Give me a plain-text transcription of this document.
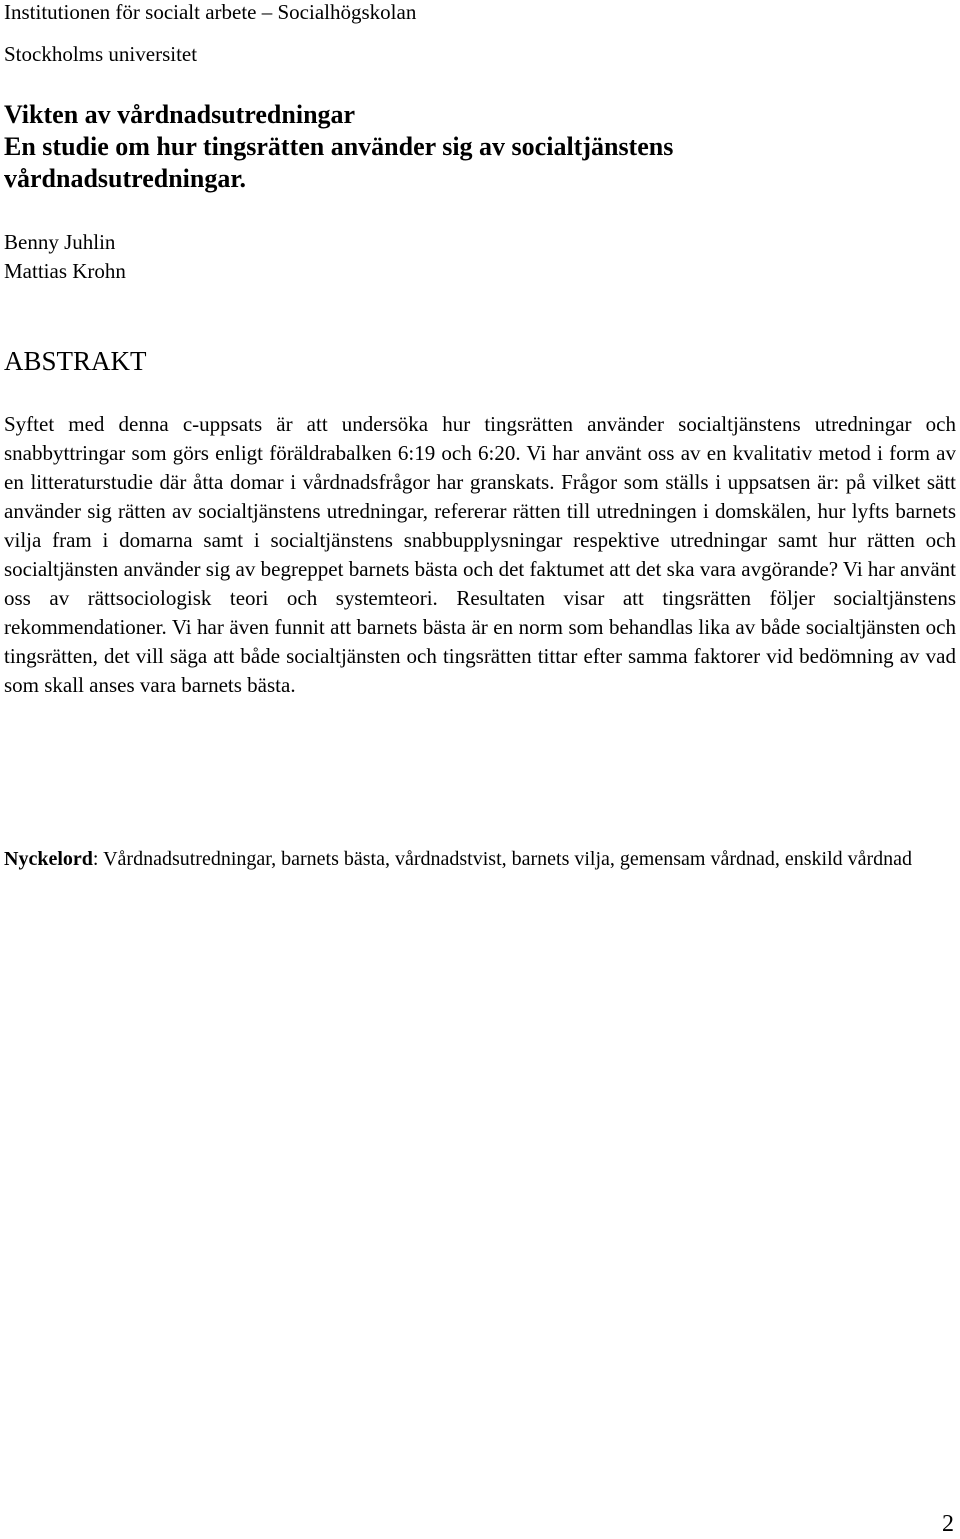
Institutionen för socialt arbete – Socialhögskolan

Stockholms universitet

Vikten av vårdnadsutredningar
En studie om hur tingsrätten använder sig av socialtjänstens
vårdnadsutredningar.
Benny Juhlin
Mattias Krohn
ABSTRAKT

Syftet med denna c-uppsats är att undersöka hur tingsrätten använder socialtjänstens utredningar och snabbyttringar som görs enligt föräldrabalken 6:19 och 6:20. Vi har använt oss av en kvalitativ metod i form av en litteraturstudie där åtta domar i vårdnadsfrågor har granskats. Frågor som ställs i uppsatsen är: på vilket sätt använder sig rätten av socialtjänstens utredningar, refererar rätten till utredningen i domskälen, hur lyfts barnets vilja fram i domarna samt i socialtjänstens snabbupplysningar respektive utredningar samt hur rätten och socialtjänsten använder sig av begreppet barnets bästa och det faktumet att det ska vara avgörande? Vi har använt oss av rättsociologisk teori och systemteori. Resultaten visar att tingsrätten följer socialtjänstens rekommendationer. Vi har även funnit att barnets bästa är en norm som behandlas lika av både socialtjänsten och tingsrätten, det vill säga att både socialtjänsten och tingsrätten tittar efter samma faktorer vid bedömning av vad som skall anses vara barnets bästa.

Nyckelord: Vårdnadsutredningar, barnets bästa, vårdnadstvist, barnets vilja, gemensam vårdnad, enskild vårdnad

2
